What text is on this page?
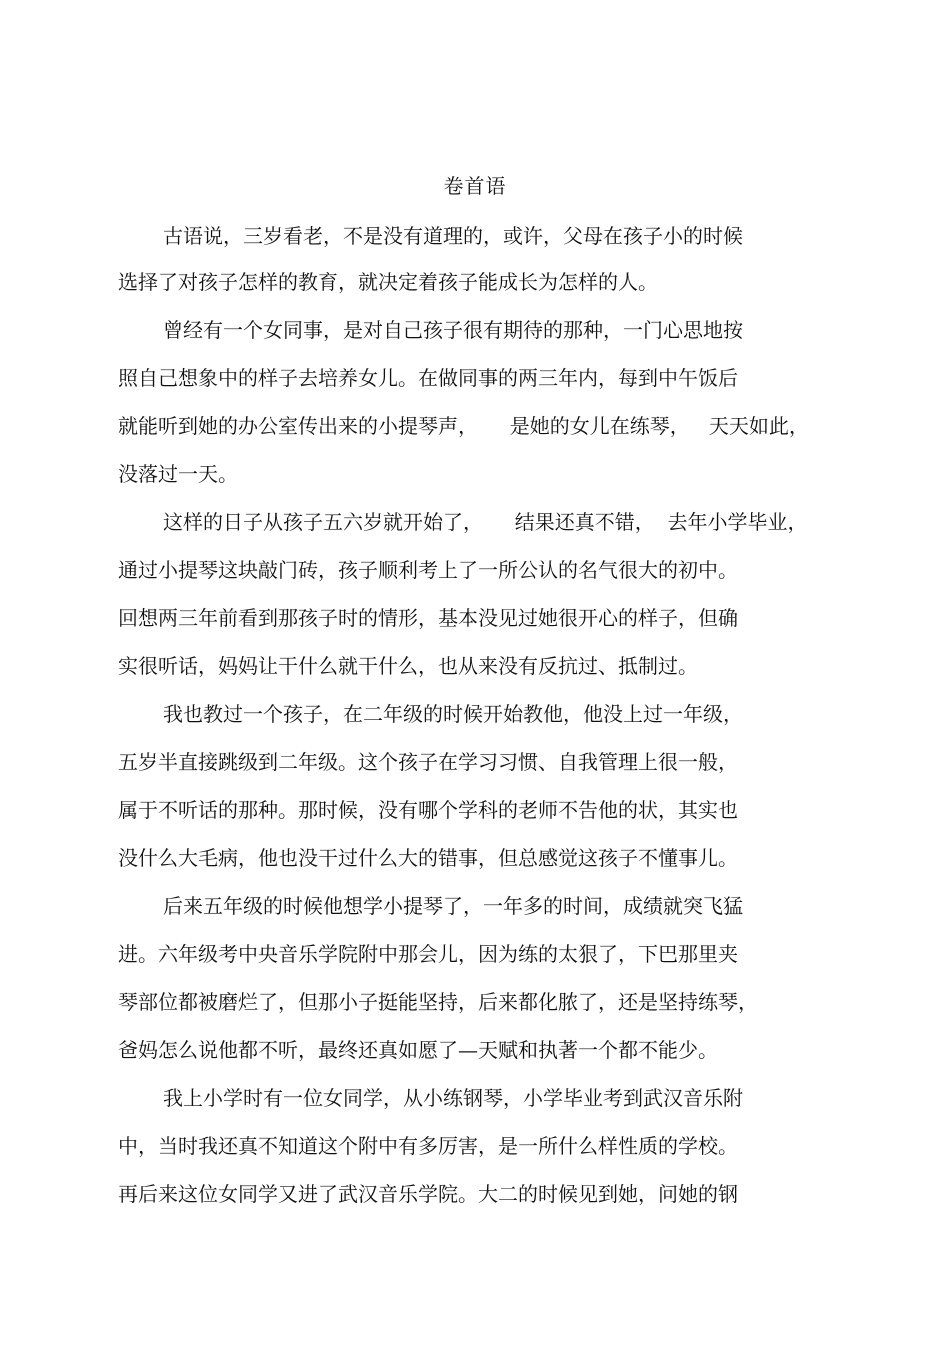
卷首语
古语说，三岁看老，不是没有道理的，或许，父母在孩子小的时候
选择了对孩子怎样的教育，就决定着孩子能成长为怎样的人。
曾经有一个女同事，是对自己孩子很有期待的那种，一门心思地按
照自己想象中的样子去培养女儿。在做同事的两三年内，每到中午饭后
就能听到她的办公室传出来的小提琴声，     是她的女儿在练琴，   天天如此，
没落过一天。
这样的日子从孩子五六岁就开始了，     结果还真不错，  去年小学毕业，
通过小提琴这块敲门砖，孩子顺利考上了一所公认的名气很大的初中。
回想两三年前看到那孩子时的情形，基本没见过她很开心的样子，但确
实很听话，妈妈让干什么就干什么，也从来没有反抗过、抵制过。
我也教过一个孩子，在二年级的时候开始教他，他没上过一年级，
五岁半直接跳级到二年级。这个孩子在学习习惯、自我管理上很一般，
属于不听话的那种。那时候，没有哪个学科的老师不告他的状，其实也
没什么大毛病，他也没干过什么大的错事，但总感觉这孩子不懂事儿。
后来五年级的时候他想学小提琴了，一年多的时间，成绩就突飞猛
进。六年级考中央音乐学院附中那会儿，因为练的太狠了，下巴那里夹
琴部位都被磨烂了，但那小子挺能坚持，后来都化脓了，还是坚持练琴，
爸妈怎么说他都不听，最终还真如愿了—天赋和执著一个都不能少。
我上小学时有一位女同学，从小练钢琴，小学毕业考到武汉音乐附
中，当时我还真不知道这个附中有多厉害，是一所什么样性质的学校。
再后来这位女同学又进了武汉音乐学院。大二的时候见到她，问她的钢
